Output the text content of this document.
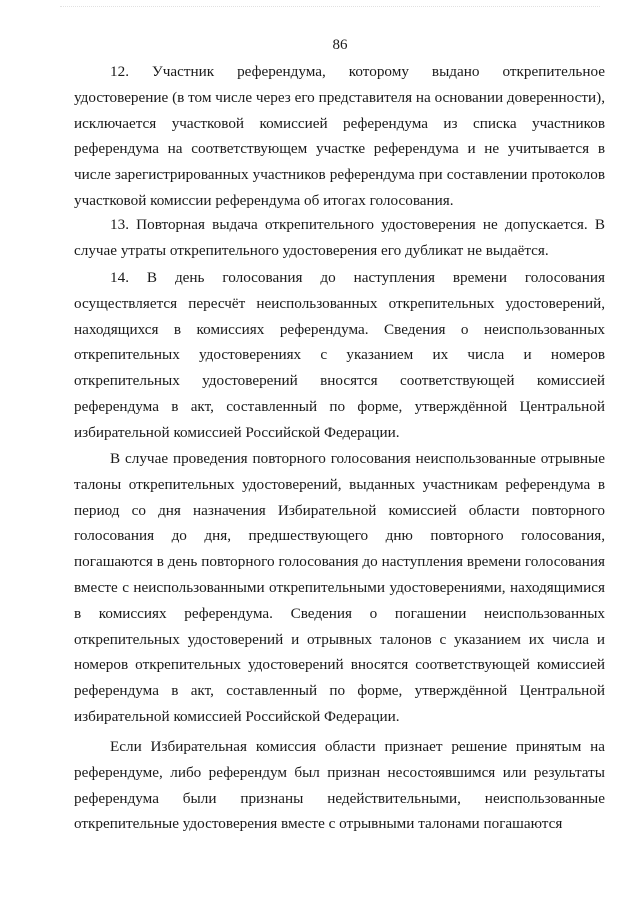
86

12. Участник референдума, которому выдано открепительное удостоверение (в том числе через его представителя на основании доверенности), исключается участковой комиссией референдума из списка участников референдума на соответствующем участке референдума и не учитывается в числе зарегистрированных участников референдума при составлении протоколов участковой комиссии референдума об итогах голосования.

13. Повторная выдача открепительного удостоверения не допускается. В случае утраты открепительного удостоверения его дубликат не выдаётся.

14. В день голосования до наступления времени голосования осуществляется пересчёт неиспользованных открепительных удостоверений, находящихся в комиссиях референдума. Сведения о неиспользованных открепительных удостоверениях с указанием их числа и номеров открепительных удостоверений вносятся соответствующей комиссией референдума в акт, составленный по форме, утверждённой Центральной избирательной комиссией Российской Федерации.

В случае проведения повторного голосования неиспользованные отрывные талоны открепительных удостоверений, выданных участникам референдума в период со дня назначения Избирательной комиссией области повторного голосования до дня, предшествующего дню повторного голосования, погашаются в день повторного голосования до наступления времени голосования вместе с неиспользованными открепительными удостоверениями, находящимися в комиссиях референдума. Сведения о погашении неиспользованных открепительных удостоверений и отрывных талонов с указанием их числа и номеров открепительных удостоверений вносятся соответствующей комиссией референдума в акт, составленный по форме, утверждённой Центральной избирательной комиссией Российской Федерации.

Если Избирательная комиссия области признает решение принятым на референдуме, либо референдум был признан несостоявшимся или результаты референдума были признаны недействительными, неиспользованные открепительные удостоверения вместе с отрывными талонами погашаются
